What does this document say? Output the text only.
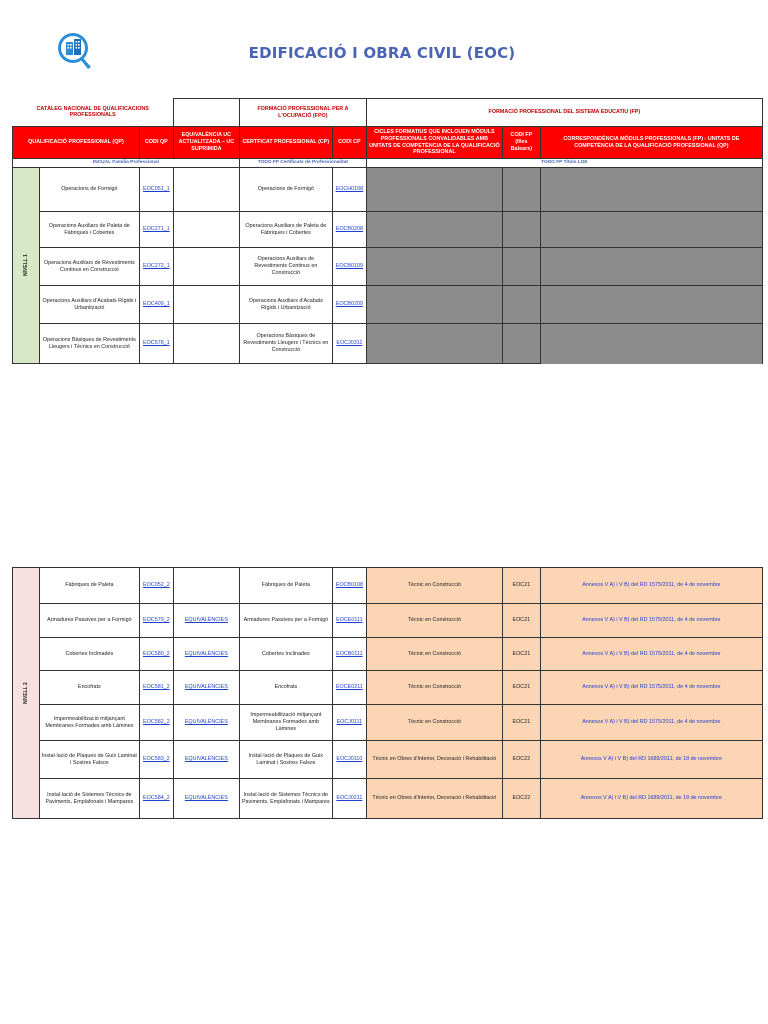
EDIFICACIÓ I OBRA CIVIL (EOC)
CATÀLEG NACIONAL DE QUALIFICACIONS PROFESSIONALS				FORMACIÓ PROFESSIONAL PER A L'OCUPACIÓ (FPO)		FORMACIÓ PROFESSIONAL DEL SISTEMA EDUCATIU (FP)		
QUALIFICACIÓ PROFESSIONAL (QP)		CODI QP	EQUIVALÈNCIA UC ACTUALITZADA – UC SUPRIMIDA	CERTFICAT PROFESSIONAL (CP)	CODI CP	CICLES FORMATIUS QUE INCLOUEN MÒDULS PROFESSIONALS CONVALIDABLES AMB UNITATS DE COMPETÈNCIA DE LA QUALIFICACIÓ PROFESSIONAL	CODI FP (Illes Balears)	CORRESPONDÈNCIA MÒDULS PROFESSIONALS (FP) - UNITATS DE COMPETÈNCIA DE LA QUALIFICACIÓ PROFESSIONAL (QP)
INCUAL Família Professional				TODO FP Certificats de Professionalitat		TODO FP Títols LOE		
NIVELL 1	Operacions de Formigó	EOC051_1		Operacions de Formigó	EOCH0108			
	Operacions Auxiliars de Paleta de Fàbriques i Cobertes	EOC271_1		Operacions Auxiliars de Paleta de Fàbriques i Cobertes	EOCB0208			
	Operacions Auxiliars de Revestiments Continus en Construcció	EOC272_1		Operacions Auxiliars de Revestiments Continus en Construcció	EOCB0109			
	Operacions Auxiliars d'Acabats Rígids i Urbanització	EOC409_1		Operacions Auxiliars d'Acabats Rígids i Urbanització	EOCB0209			
	Operacions Bàsiques de Revestiments Lleugers i Tècnics en Construcció	EOC578_1		Operacions Bàsiques de Revestiments Lleugers i Tècnics en Construcció	EOCJ0311			
NIVELL 2	Fàbriques de Paleta	EOC052_2		Fàbriques de Paleta	EOCB0108	Tècnic en Construcció	EOC21	Annexos V A) i V B) del RD 1575/2011, de 4 de novembre
	Armadures Passives per a Formigó	EOC579_2	EQUIVALÈNCIES	Armadures Passives per a Formigó	EOCE0111	Tècnic en Construcció	EOC21	Annexos V A) i V B) del RD 1575/2011, de 4 de novembre
	Cobertes Inclinades	EOC580_2	EQUIVALÈNCIES	Cobertes Inclinades	EOCB0111	Tècnic en Construcció	EOC21	Annexos V A) i V B) del RD 1575/2011, de 4 de novembre
	Encofrats	EOC581_2	EQUIVALÈNCIES	Encofrats	EOCE0211	Tècnic en Construcció	EOC21	Annexos V A) i V B) del RD 1575/2011, de 4 de novembre
	Impermeabilització mitjançant Membranes Formades amb Làmines	EOC582_2	EQUIVALÈNCIES	Impermeabilització mitjançant Membranes Formades amb Làmines	EOCJ0111	Tècnic en Construcció	EOC21	Annexos V A) i V B) del RD 1575/2011, de 4 de novembre
	Instal·lació de Plaques de Guix Laminat i Sostres Falsos	EOC583_2	EQUIVALÈNCIES	Instal·lació de Plaques de Guix Laminat i Sostres Falsos	EOCJ0110	Tècnic en Obres d'Interior, Decoració i Rehabilitació	EOC22	Annexos V A) i V B) del RD 1689/2011, de 18 de novembre
	Instal·lació de Sistemes Tècnics de Paviments, Emplafonats i Mampares	EOC584_2	EQUIVALÈNCIES	Instal·lació de Sistemes Tècnics de Paviments, Emplafonats i Mampares	EOCJ0211	Tècnic en Obres d'Interior, Decoració i Rehabilitació	EOC22	Annexos V A) i V B) del RD 1689/2011, de 18 de novembre
